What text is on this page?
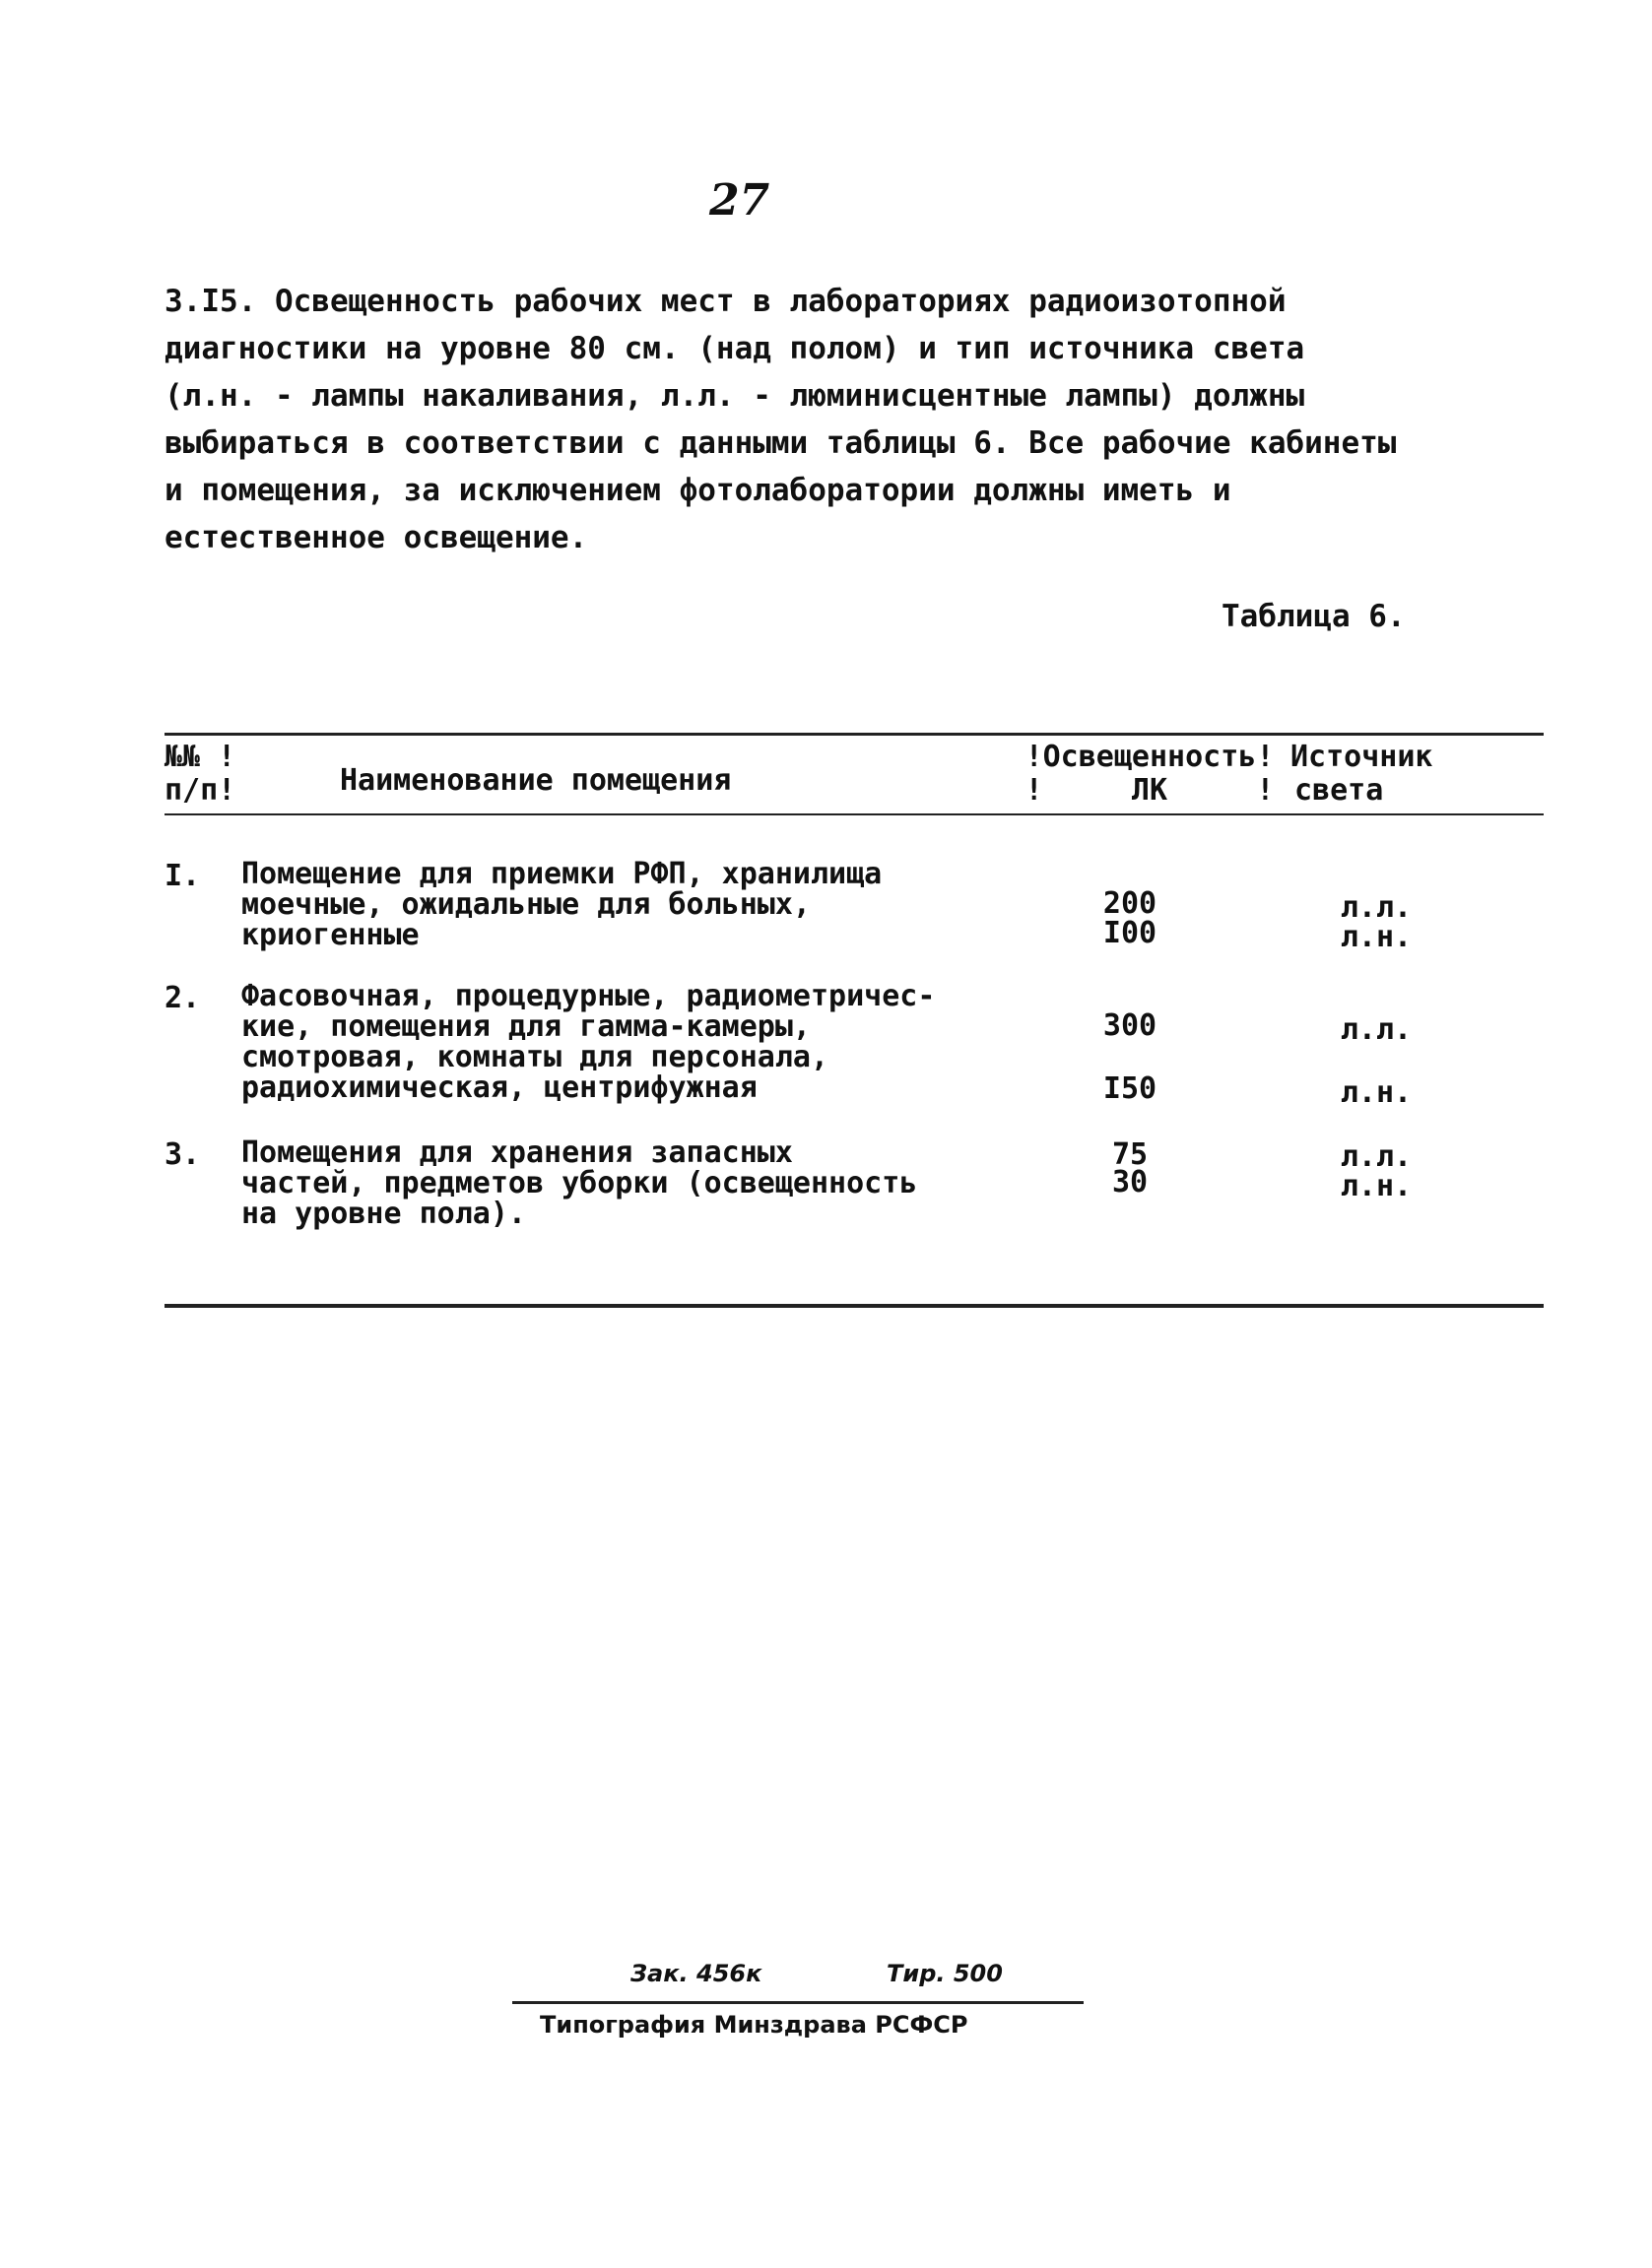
27
3.I5. Освещенность рабочих мест в лабораториях радиоизотопной
диагностики на уровне 80 см. (над полом) и тип источника света
(л.н. - лампы накаливания, л.л. - люминисцентные лампы) должны
выбираться в соответствии с данными таблицы 6. Все рабочие кабинеты
и помещения, за исключением фотолаборатории должны иметь и
естественное освещение.
Таблица 6.
№№ !
п/п!	Наименование помещения
!Освещенность!
!     ЛК     !
Источник
света
I. Помещение для приемки РФП, хранилища
моечные, ожидальные для больных,
криогенные
200
I00
л.л.
л.н.
2. Фасовочная, процедурные, радиометричес-
кие, помещения для гамма-камеры,
смотровая, комнаты для персонала,
радиохимическая, центрифужная
300
I50
л.л.
л.н.
3. Помещения для хранения запасных
частей, предметов уборки (освещенность
на уровне пола).
75
30
л.л.
л.н.
Зак. 456к	Тир. 500
Типография Минздрава РСФСР
